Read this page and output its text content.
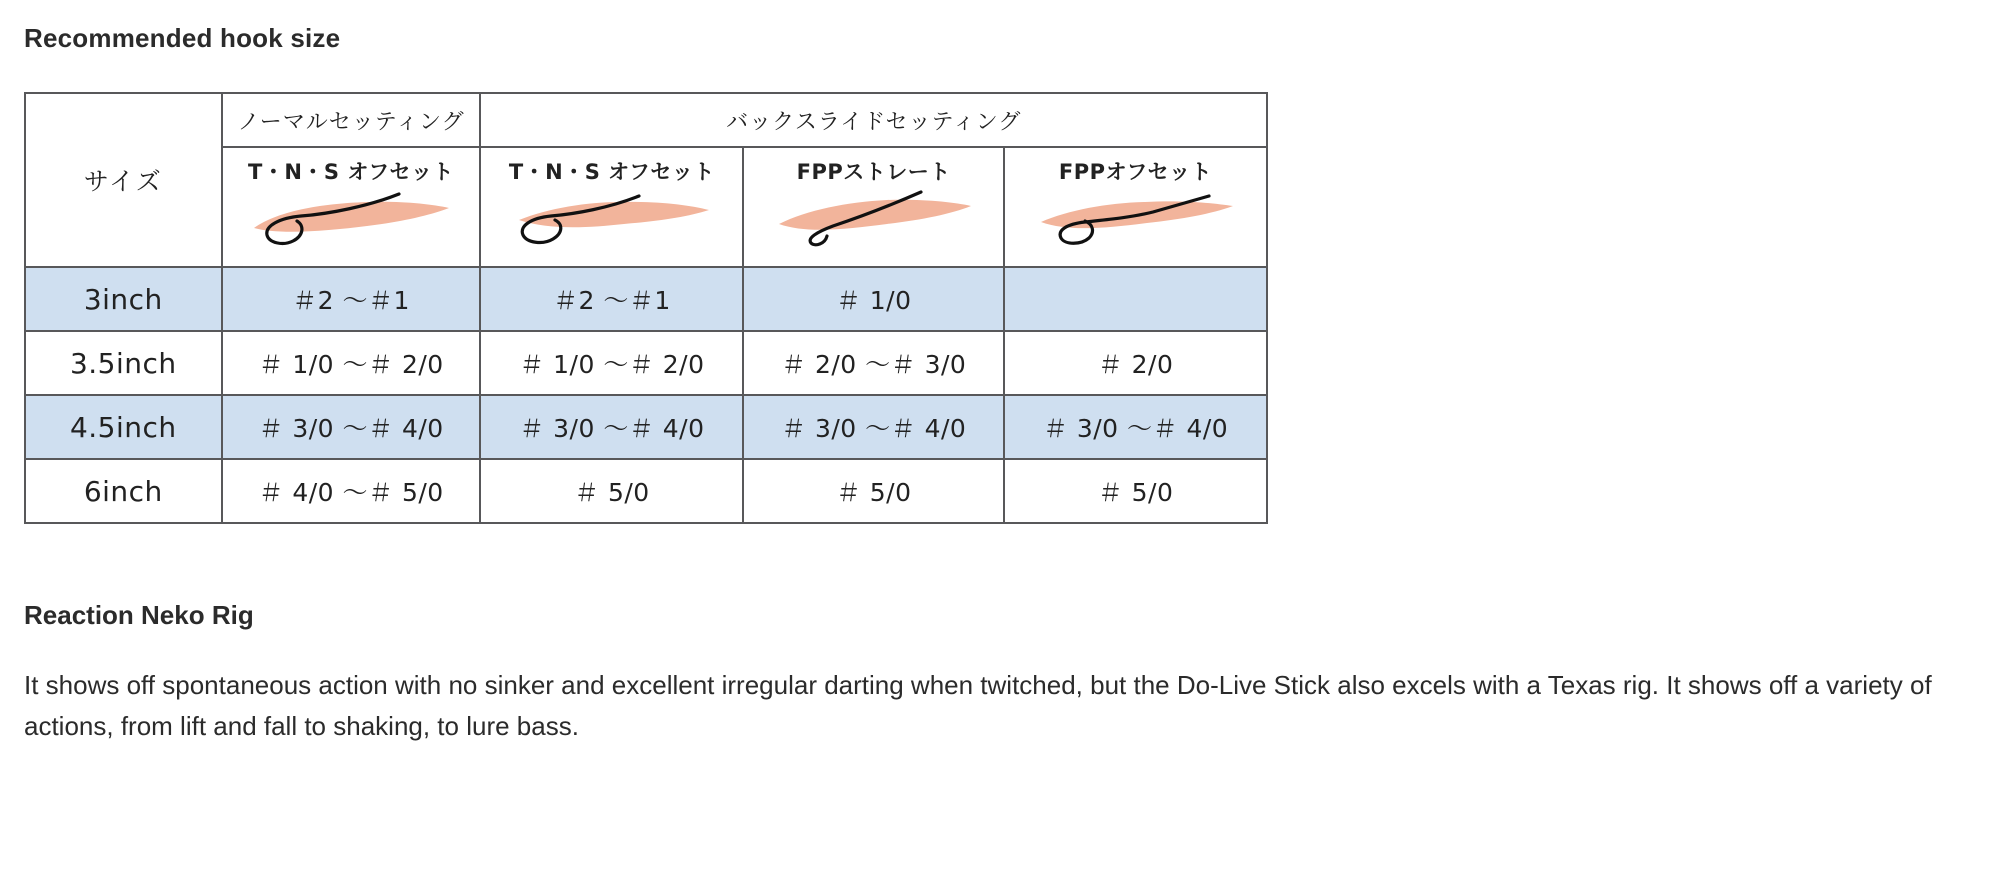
Recommended hook size
サイズ	ノーマルセッティング	バックスライドセッティング		

	T・N・S オフセット	T・N・S オフセット	FPPストレート	FPPオフセット

3inch	＃2 〜＃1	＃2 〜＃1	＃ 1/0	
3.5inch	＃ 1/0 〜＃ 2/0	＃ 1/0 〜＃ 2/0	＃ 2/0 〜＃ 3/0	＃ 2/0
4.5inch	＃ 3/0 〜＃ 4/0	＃ 3/0 〜＃ 4/0	＃ 3/0 〜＃ 4/0	＃ 3/0 〜＃ 4/0
6inch	＃ 4/0 〜＃ 5/0	＃ 5/0	＃ 5/0	＃ 5/0
Reaction Neko Rig
It shows off spontaneous action with no sinker and excellent irregular darting when twitched, but the Do-Live Stick also excels with a Texas rig. It shows off a variety of actions, from lift and fall to shaking, to lure bass.
